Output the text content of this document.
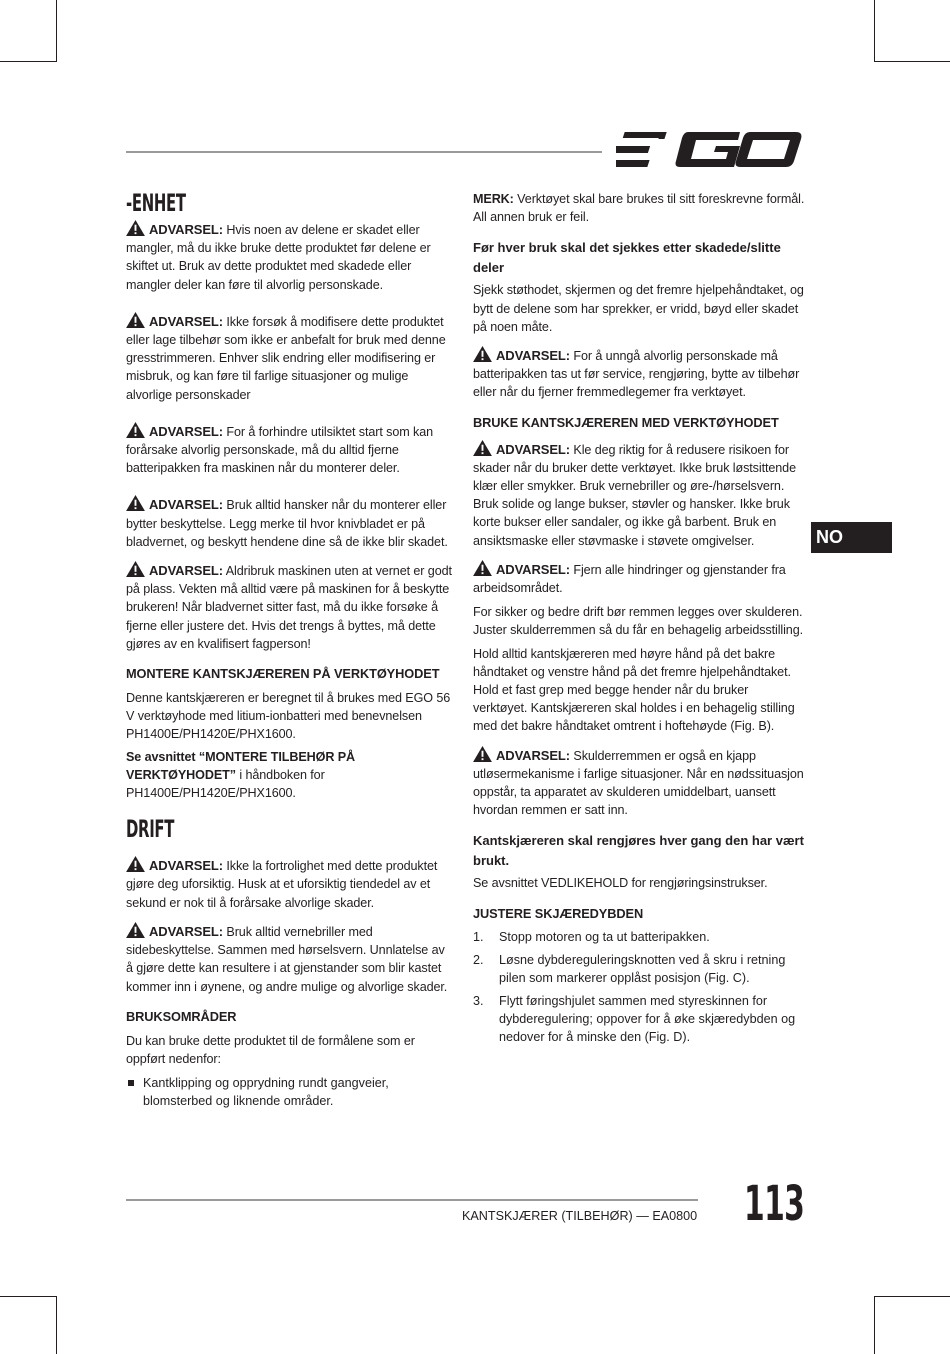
NO
-ENHET

ADVARSEL: Hvis noen av delene er skadet eller mangler, må du ikke bruke dette produktet før delene er skiftet ut. Bruk av dette produktet med skadede eller mangler deler kan føre til alvorlig personskade.

ADVARSEL: Ikke forsøk å modifisere dette produktet eller lage tilbehør som ikke er anbefalt for bruk med denne gresstrimmeren. Enhver slik endring eller modifisering er misbruk, og kan føre til farlige situasjoner og mulige alvorlige personskader

ADVARSEL: For å forhindre utilsiktet start som kan forårsake alvorlig personskade, må du alltid fjerne batteripakken fra maskinen når du monterer deler.

ADVARSEL: Bruk alltid hansker når du monterer eller bytter beskyttelse. Legg merke til hvor knivbladet er på bladvernet, og beskytt hendene dine så de ikke blir skadet.

ADVARSEL: Aldribruk maskinen uten at vernet er godt på plass. Vekten må alltid være på maskinen for å beskytte brukeren! Når bladvernet sitter fast, må du ikke forsøke å fjerne eller justere det. Hvis det trengs å byttes, må dette gjøres av en kvalifisert fagperson!

MONTERE KANTSKJÆREREN PÅ VERKTØYHODET

Denne kantskjæreren er beregnet til å brukes med EGO 56 V verktøyhode med litium-ionbatteri med benevnelsen PH1400E/PH1420E/PHX1600.

Se avsnittet “MONTERE TILBEHØR PÅ VERKTØYHODET” i håndboken for PH1400E/PH1420E/PHX1600.

DRIFT

ADVARSEL: Ikke la fortrolighet med dette produktet gjøre deg uforsiktig. Husk at et uforsiktig tiendedel av et sekund er nok til å forårsake alvorlige skader.

ADVARSEL: Bruk alltid vernebriller med sidebeskyttelse. Sammen med hørselsvern. Unnlatelse av å gjøre dette kan resultere i at gjenstander som blir kastet kommer inn i øynene, og andre mulige og alvorlige skader.

BRUKSOMRÅDER

Du kan bruke dette produktet til de formålene som er oppført nedenfor:

Kantklipping og opprydning rundt gangveier, blomsterbed og liknende områder.

MERK: Verktøyet skal bare brukes til sitt foreskrevne formål. All annen bruk er feil.

Før hver bruk skal det sjekkes etter skadede/slitte deler

Sjekk støthodet, skjermen og det fremre hjelpehåndtaket, og bytt de delene som har sprekker, er vridd, bøyd eller skadet på noen måte.

ADVARSEL: For å unngå alvorlig personskade må batteripakken tas ut før service, rengjøring, bytte av tilbehør eller når du fjerner fremmedlegemer fra verktøyet.

BRUKE KANTSKJÆREREN MED VERKTØYHODET

ADVARSEL: Kle deg riktig for å redusere risikoen for skader når du bruker dette verktøyet. Ikke bruk løstsittende klær eller smykker. Bruk vernebriller og øre-/hørselsvern. Bruk solide og lange bukser, støvler og hansker. Ikke bruk korte bukser eller sandaler, og ikke gå barbent. Bruk en ansiktsmaske eller støvmaske i støvete omgivelser.

ADVARSEL: Fjern alle hindringer og gjenstander fra arbeidsområdet.

For sikker og bedre drift bør remmen legges over skulderen. Juster skulderremmen så du får en behagelig arbeidsstilling.

Hold alltid kantskjæreren med høyre hånd på det bakre håndtaket og venstre hånd på det fremre hjelpehåndtaket. Hold et fast grep med begge hender når du bruker verktøyet. Kantskjæreren skal holdes i en behagelig stilling med det bakre håndtaket omtrent i hoftehøyde (Fig. B).

ADVARSEL: Skulderremmen er også en kjapp utløsermekanisme i farlige situasjoner. Når en nødssituasjon oppstår, ta apparatet av skulderen umiddelbart, uansett hvordan remmen er satt inn.

Kantskjæreren skal rengjøres hver gang den har vært brukt.

Se avsnittet VEDLIKEHOLD for rengjøringsinstrukser.

JUSTERE SKJÆREDYBDEN
1. Stopp motoren og ta ut batteripakken.
2. Løsne dybdereguleringsknotten ved å skru i retning pilen som markerer opplåst posisjon (Fig. C).
3. Flytt føringshjulet sammen med styreskinnen for dybderegulering; oppover for å øke skjæredybden og nedover for å minske den (Fig. D).
KANTSKJÆRER (TILBEHØR) — EA0800 113
